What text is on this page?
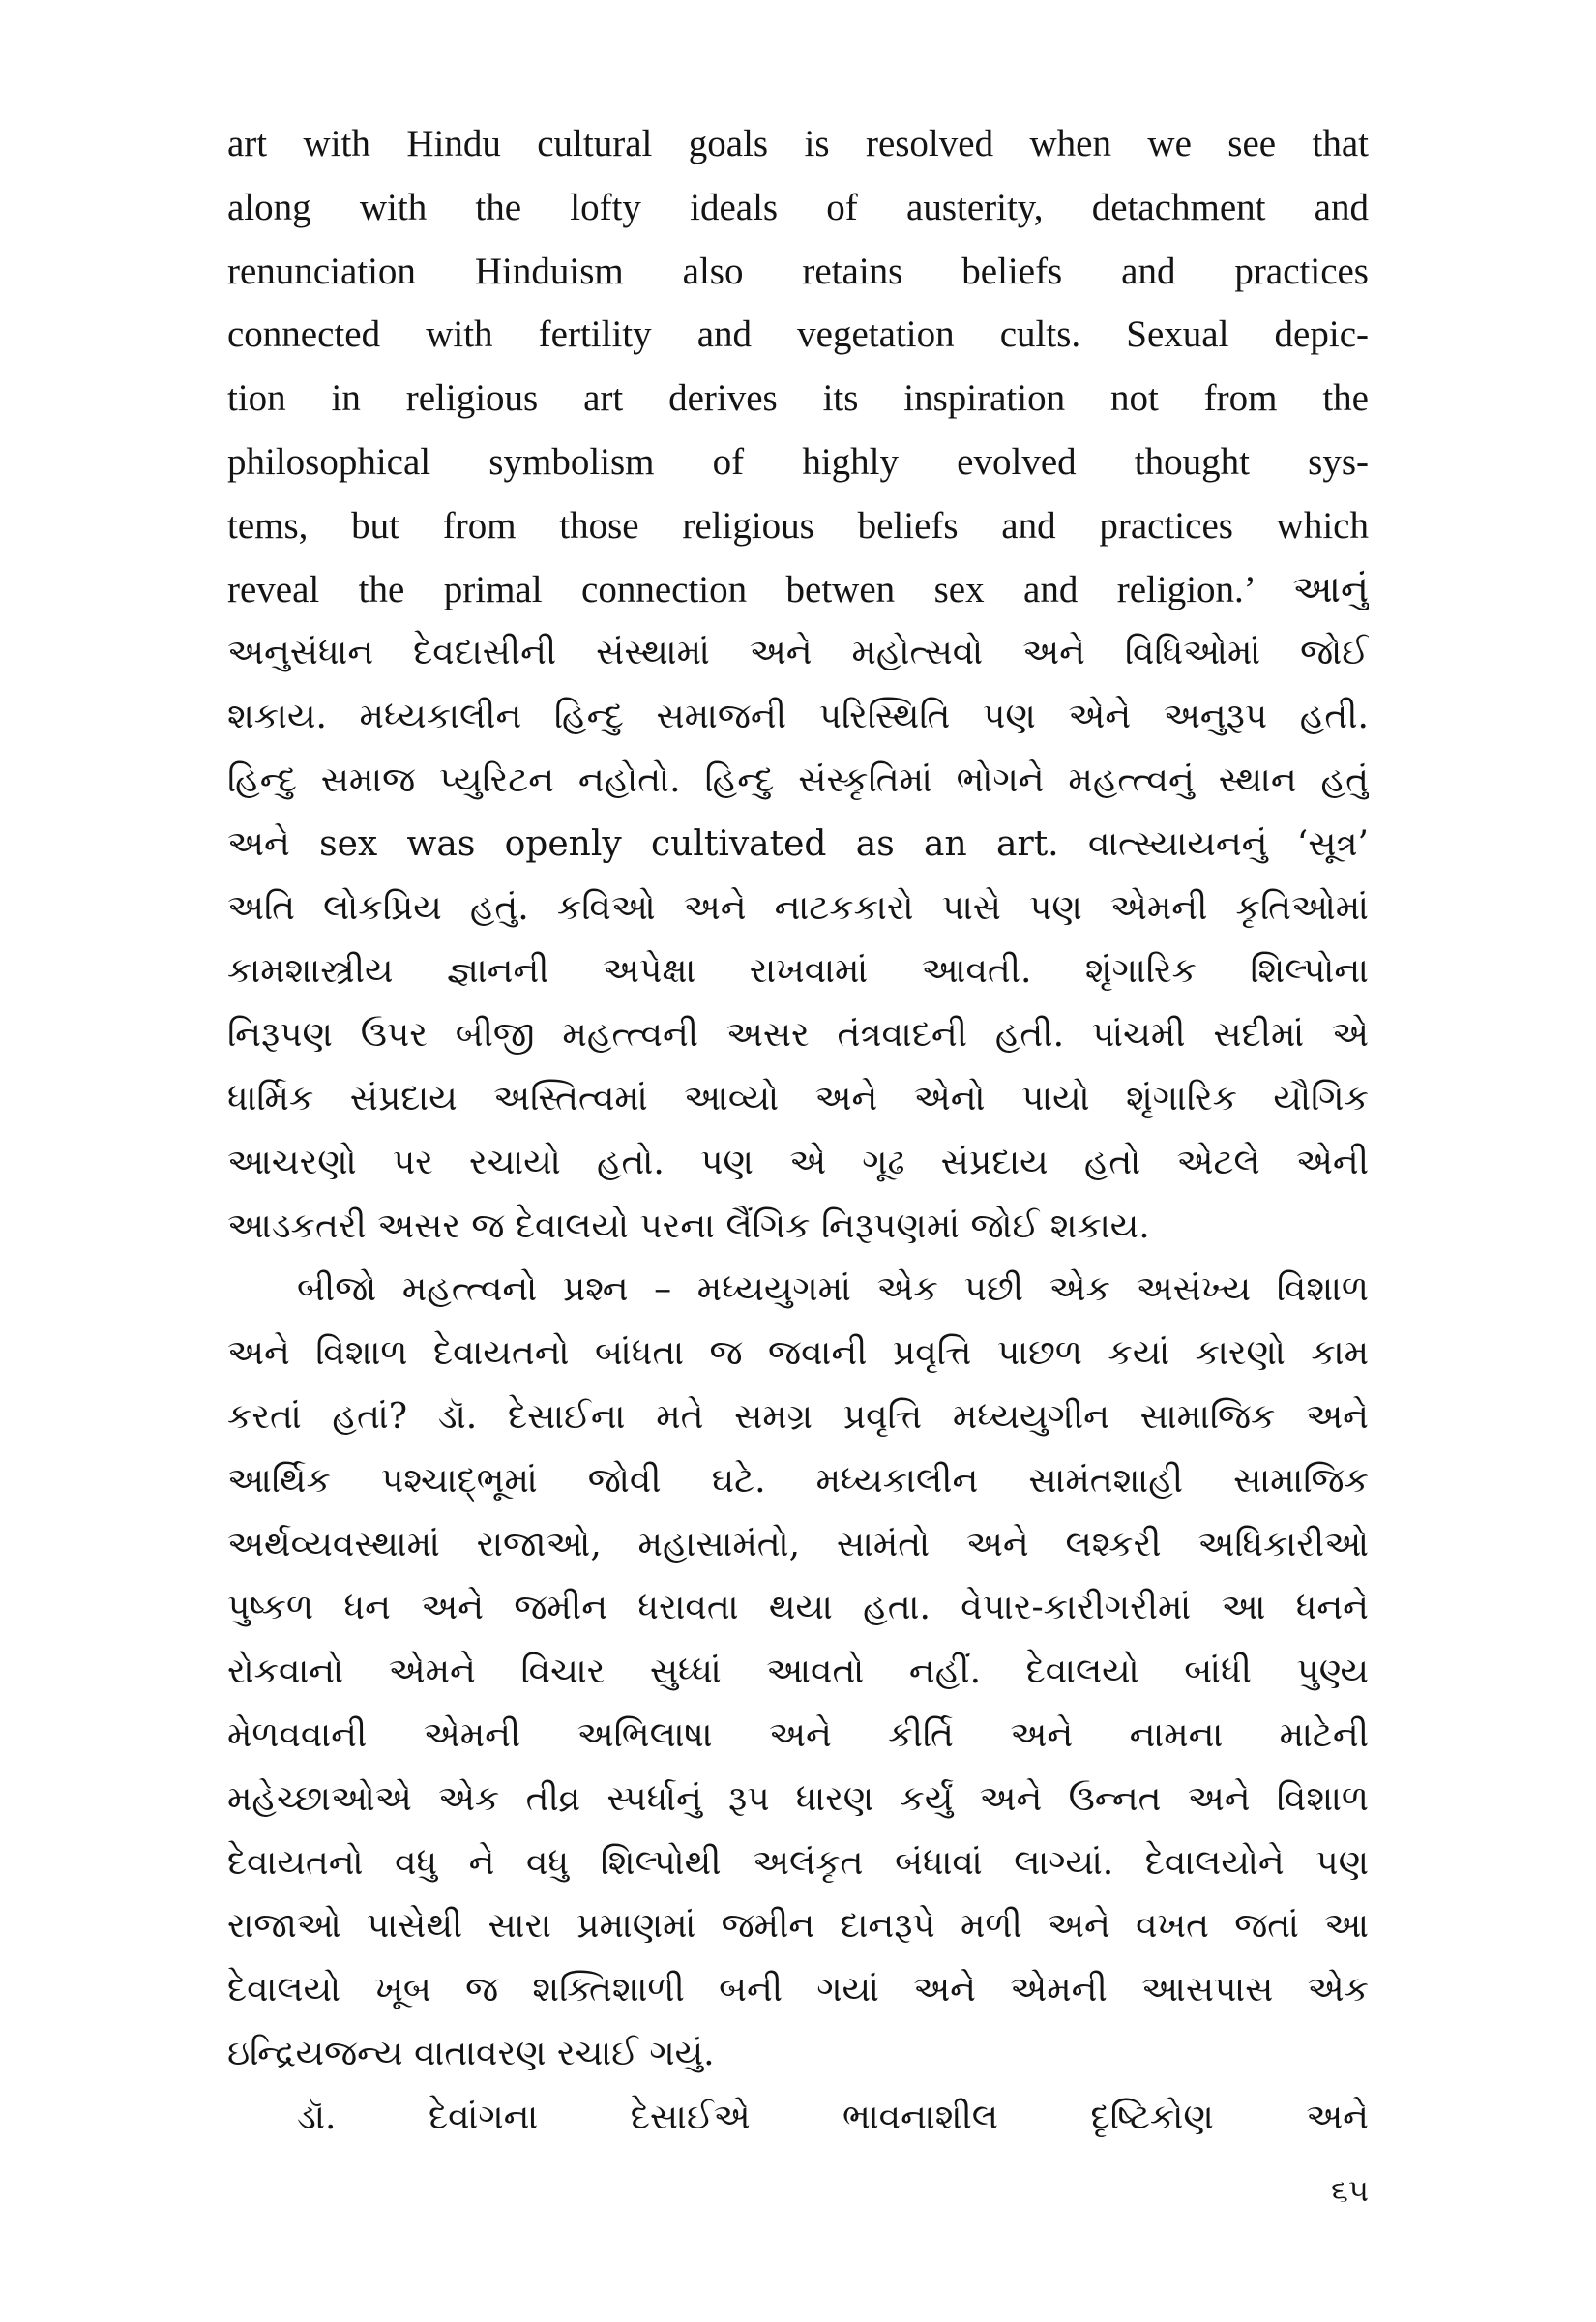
art with Hindu cultural goals is resolved when we see that
along with the lofty ideals of austerity, detachment and
renunciation Hinduism also retains beliefs and practices
connected with fertility and vegetation cults. Sexual depic-
tion in religious art derives its inspiration not from the
philosophical symbolism of highly evolved thought sys-
tems, but from those religious beliefs and practices which
reveal the primal connection betwen sex and religion.’ આનું
અનુસંધાન દેવદાસીની સંસ્થામાં અને મહોત્સવો અને વિધિઓમાં જોઈ
શકાય. મધ્યકાલીન હિન્દુ સમાજની પરિસ્થિતિ પણ એને અનુરૂપ હતી.
હિન્દુ સમાજ પ્યુરિટન નહોતો. હિન્દુ સંસ્કૃતિમાં ભોગને મહત્ત્વનું સ્થાન હતું
અને sex was openly cultivated as an art. વાત્સ્યાયનનું ‘સૂત્ર’
અતિ લોકપ્રિય હતું. કવિઓ અને નાટકકારો પાસે પણ એમની કૃતિઓમાં
કામશાસ્ત્રીય જ્ઞાનની અપેક્ષા રાખવામાં આવતી. શૃંગારિક શિલ્પોના
નિરૂપણ ઉપર બીજી મહત્ત્વની અસર તંત્રવાદની હતી. પાંચમી સદીમાં એ
ધાર્મિક સંપ્રદાય અસ્તિત્વમાં આવ્યો અને એનો પાયો શૃંગારિક યૌગિક
આચરણો પર રચાયો હતો. પણ એ ગૂઢ સંપ્રદાય હતો એટલે એની
આડકતરી અસર જ દેવાલયો પરના લૈંગિક નિરૂપણમાં જોઈ શકાય.
બીજો મહત્ત્વનો પ્રશ્ન – મધ્યયુગમાં એક પછી એક અસંખ્ય વિશાળ
અને વિશાળ દેવાયતનો બાંધતા જ જવાની પ્રવૃત્તિ પાછળ કયાં કારણો કામ
કરતાં હતાં? ડૉ. દેસાઈના મતે સમગ્ર પ્રવૃત્તિ મધ્યયુગીન સામાજિક અને
આર્થિક પશ્ચાદ્ભૂમાં જોવી ઘટે. મધ્યકાલીન સામંતશાહી સામાજિક
અર્થવ્યવસ્થામાં રાજાઓ, મહાસામંતો, સામંતો અને લશ્કરી અધિકારીઓ
પુષ્કળ ધન અને જમીન ધરાવતા થયા હતા. વેપાર-કારીગરીમાં આ ધનને
રોકવાનો એમને વિચાર સુધ્ધાં આવતો નહીં. દેવાલયો બાંધી પુણ્ય
મેળવવાની એમની અભિલાષા અને કીર્તિ અને નામના માટેની
મહેચ્છાઓએ એક તીવ્ર સ્પર્ધાનું રૂપ ધારણ કર્યું અને ઉન્નત અને વિશાળ
દેવાયતનો વધુ ને વધુ શિલ્પોથી અલંકૃત બંધાવાં લાગ્યાં. દેવાલયોને પણ
રાજાઓ પાસેથી સારા પ્રમાણમાં જમીન દાનરૂપે મળી અને વખત જતાં આ
દેવાલયો ખૂબ જ શક્તિશાળી બની ગયાં અને એમની આસપાસ એક
ઇન્દ્રિયજન્ય વાતાવરણ રચાઈ ગયું.
ડૉ. દેવાંગના દેસાઈએ ભાવનાશીલ દૃષ્ટિકોણ અને
૬૫
